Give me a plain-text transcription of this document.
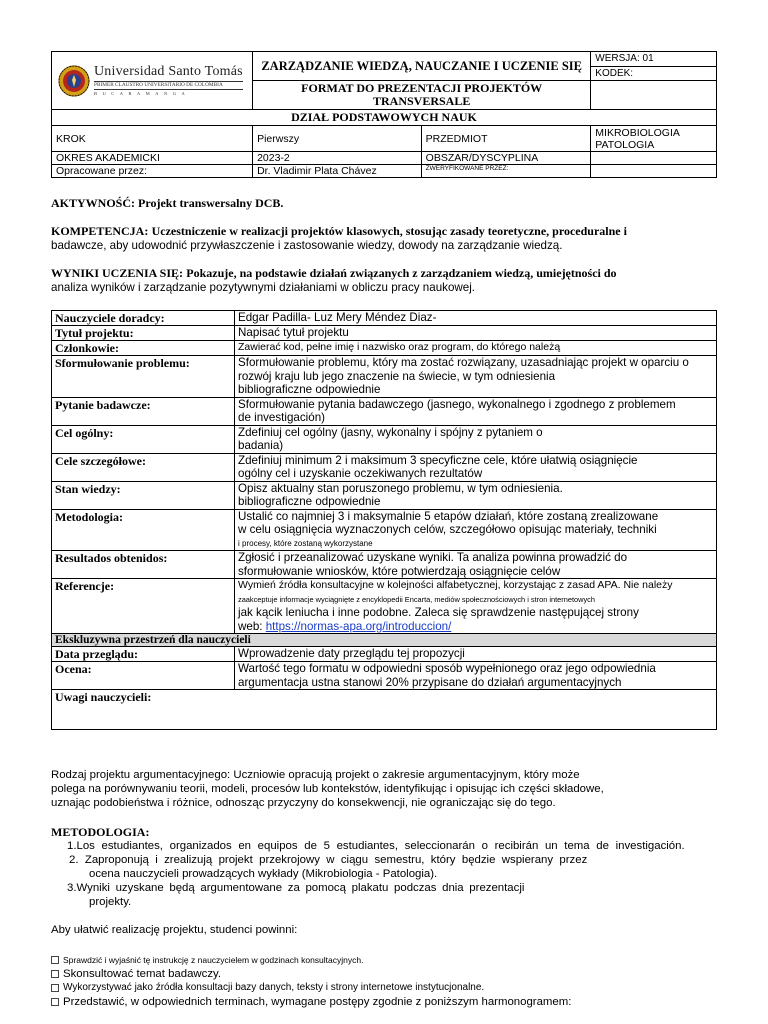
Universidad Santo Tomás
PRIMER CLAUSTRO UNIVERSITARIO DE COLOMBIA
BUCARAMANGA	ZARZĄDZANIE WIEDZĄ, NAUCZANIE I UCZENIE SIĘ		WERSJA: 01
			KODEK:

	FORMAT DO PREZENTACJI PROJEKTÓW
TRANSVERSALE		

DZIAŁ PODSTAWOWYCH NAUK			
KROK	Pierwszy	PRZEDMIOT	MIKROBIOLOGIA
PATOLOGIA

OKRES AKADEMICKI	2023-2	OBSZAR/DYSCYPLINA	
Opracowane przez:	Dr. Vladimir Plata Chávez	ZWERYFIKOWANE PRZEZ:	
AKTYWNOŚĆ: Projekt transwersalny DCB.
KOMPETENCJA: Uczestniczenie w realizacji projektów klasowych, stosując zasady teoretyczne, proceduralne i
badawcze, aby udowodnić przywłaszczenie i zastosowanie wiedzy, dowody na zarządzanie wiedzą.
WYNIKI UCZENIA SIĘ: Pokazuje, na podstawie działań związanych z zarządzaniem wiedzą, umiejętności do
analiza wyników i zarządzanie pozytywnymi działaniami w obliczu pracy naukowej.
Nauczyciele doradcy:	Edgar Padilla- Luz Mery Méndez Diaz-
Tytuł projektu:	Napisać tytuł projektu
Członkowie:	Zawierać kod, pełne imię i nazwisko oraz program, do którego należą
Sformułowanie problemu:	Sformułowanie problemu, który ma zostać rozwiązany, uzasadniając projekt w oparciu o
rozwój kraju lub jego znaczenie na świecie, w tym odniesienia
bibliograficzne odpowiednie

Pytanie badawcze:	Sformułowanie pytania badawczego (jasnego, wykonalnego i zgodnego z problemem
de investigación)

Cel ogólny:	Zdefiniuj cel ogólny (jasny, wykonalny i spójny z pytaniem o
badania)

Cele szczegółowe:	Zdefiniuj minimum 2 i maksimum 3 specyficzne cele, które ułatwią osiągnięcie
ogólny cel i uzyskanie oczekiwanych rezultatów

Stan wiedzy:	Opisz aktualny stan poruszonego problemu, w tym odniesienia.
bibliograficzne odpowiednie

Metodologia:	Ustalić co najmniej 3 i maksymalnie 5 etapów działań, które zostaną zrealizowane
w celu osiągnięcia wyznaczonych celów, szczegółowo opisując materiały, techniki
i procesy, które zostaną wykorzystane

Resultados obtenidos:	Zgłosić i przeanalizować uzyskane wyniki. Ta analiza powinna prowadzić do
sformułowanie wniosków, które potwierdzają osiągnięcie celów

Referencje:	Wymień źródła konsultacyjne w kolejności alfabetycznej, korzystając z zasad APA. Nie należy
zaakceptuje informacje wyciągnięte z encyklopedii Encarta, mediów społecznościowych i stron internetowych
jak kącik leniucha i inne podobne. Zaleca się sprawdzenie następującej strony
web: https://normas-apa.org/introduccion/

Ekskluzywna przestrzeń dla nauczycieli	
Data przeglądu:	Wprowadzenie daty przeglądu tej propozycji
Ocena:	Wartość tego formatu w odpowiedni sposób wypełnionego oraz jego odpowiednia
argumentacja ustna stanowi 20% przypisane do działań argumentacyjnych

Uwagi nauczycieli:	
Rodzaj projektu argumentacyjnego: Uczniowie opracują projekt o zakresie argumentacyjnym, który może
polega na porównywaniu teorii, modeli, procesów lub kontekstów, identyfikując i opisując ich części składowe,
uznając podobieństwa i różnice, odnosząc przyczyny do konsekwencji, nie ograniczając się do tego.
METODOLOGIA:
1.Los estudiantes, organizados en equipos de 5 estudiantes, seleccionarán o recibirán un tema de investigación.
2. Zaproponują i zrealizują projekt przekrojowy w ciągu semestru, który będzie wspierany przez
ocena nauczycieli prowadzących wykłady (Mikrobiologia - Patologia).
3.Wyniki uzyskane będą argumentowane za pomocą plakatu podczas dnia prezentacji
projekty.
Aby ułatwić realizację projektu, studenci powinni:
Sprawdzić i wyjaśnić tę instrukcję z nauczycielem w godzinach konsultacyjnych.
Skonsultować temat badawczy.
Wykorzystywać jako źródła konsultacji bazy danych, teksty i strony internetowe instytucjonalne.
Przedstawić, w odpowiednich terminach, wymagane postępy zgodnie z poniższym harmonogramem:
